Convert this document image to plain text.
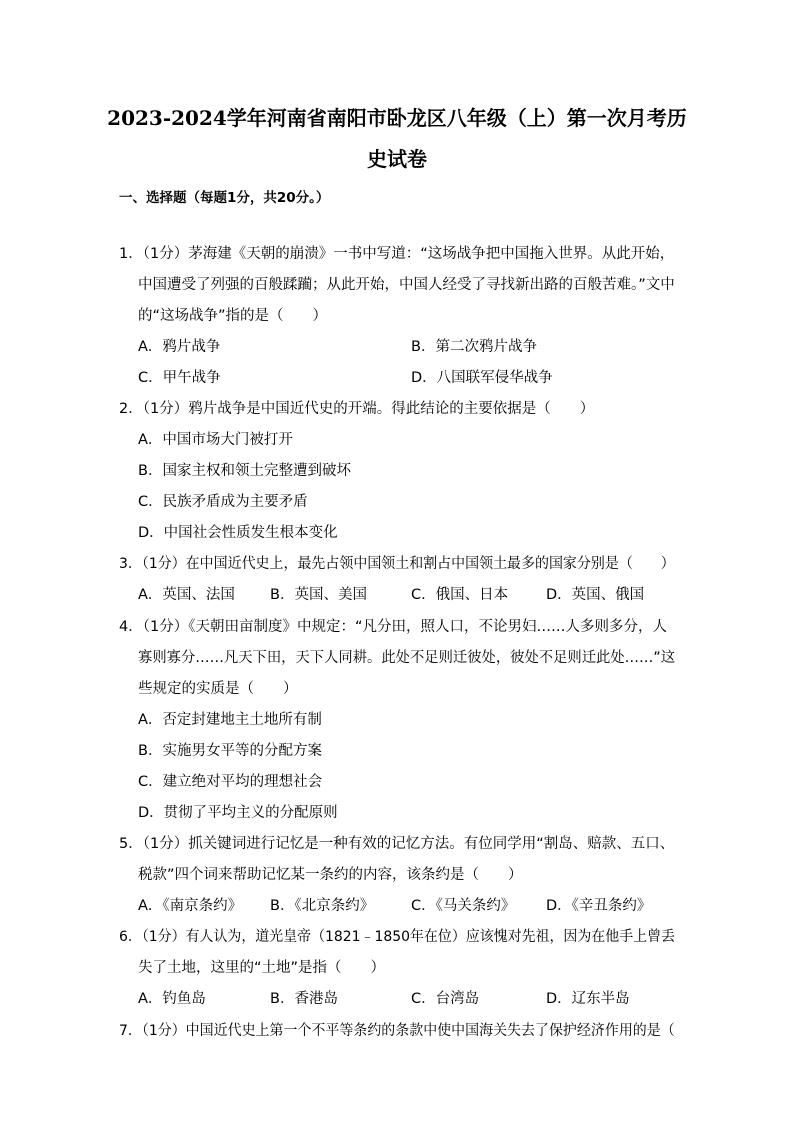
2023-2024学年河南省南阳市卧龙区八年级（上）第一次月考历
史试卷
一、选择题（每题1分，共20分。）
1．（1分）茅海建《天朝的崩溃》一书中写道：“这场战争把中国拖入世界。从此开始，
中国遭受了列强的百般蹂躏；从此开始，中国人经受了寻找新出路的百般苦难。”文中
的“这场战争”指的是（　　）
A．鸦片战争	B．第二次鸦片战争
C．甲午战争	D．八国联军侵华战争
2．（1分）鸦片战争是中国近代史的开端。得此结论的主要依据是（　　）
A．中国市场大门被打开
B．国家主权和领土完整遭到破坏
C．民族矛盾成为主要矛盾
D．中国社会性质发生根本变化
3．（1分）在中国近代史上，最先占领中国领土和割占中国领土最多的国家分别是（　　）
A．英国、法国 B．英国、美国	C．俄国、日本	D．英国、俄国
4．（1分）《天朝田亩制度》中规定：“凡分田，照人口，不论男妇……人多则多分，人
寡则寡分……凡天下田，天下人同耕。此处不足则迁彼处，彼处不足则迁此处……”这
些规定的实质是（　　）
A．否定封建地主土地所有制
B．实施男女平等的分配方案
C．建立绝对平均的理想社会
D．贯彻了平均主义的分配原则
5．（1分）抓关键词进行记忆是一种有效的记忆方法。有位同学用“割岛、赔款、五口、
税款”四个词来帮助记忆某一条约的内容，该条约是（　　）
A．《南京条约》 B．《北京条约》	C．《马关条约》 D．《辛丑条约》
6．（1分）有人认为，道光皇帝（1821﹣1850年在位）应该愧对先祖，因为在他手上曾丢
失了土地，这里的“土地”是指（　　）
A．钓鱼岛	B．香港岛	C．台湾岛	D．辽东半岛
7．（1分）中国近代史上第一个不平等条约的条款中使中国海关失去了保护经济作用的是（
